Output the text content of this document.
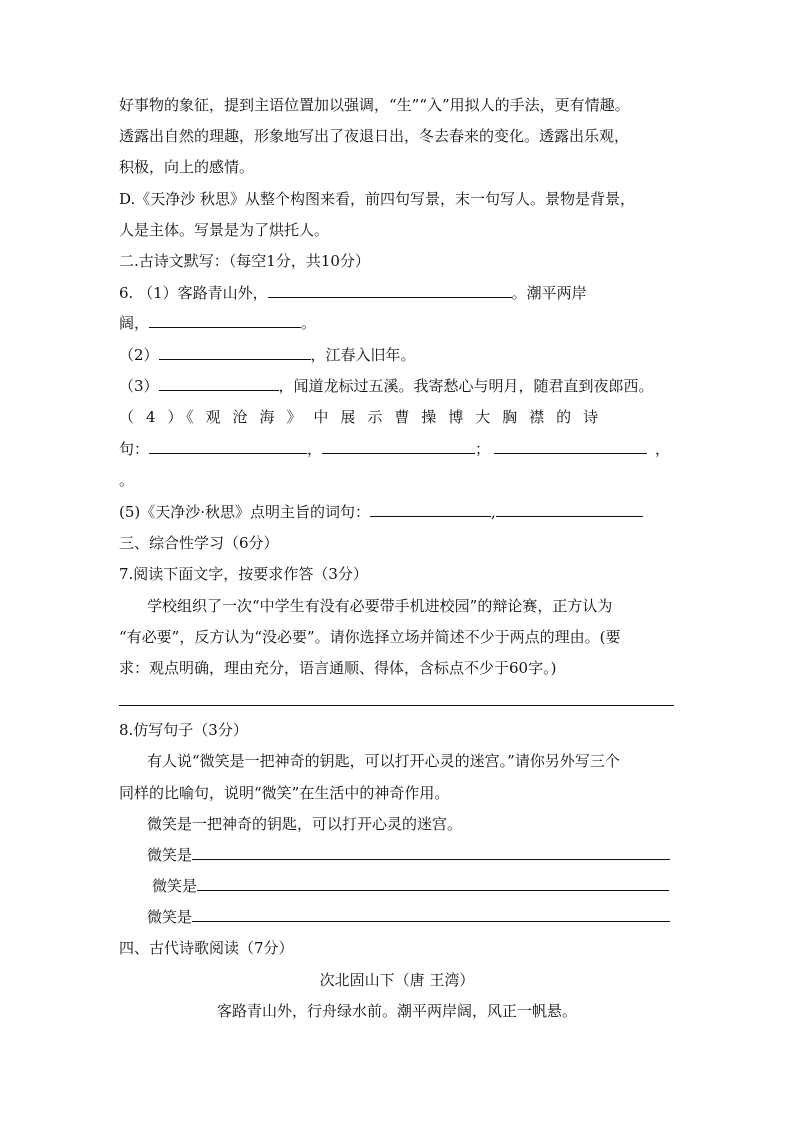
好事物的象征，提到主语位置加以强调，“生”“入”用拟人的手法，更有情趣。
透露出自然的理趣，形象地写出了夜退日出，冬去春来的变化。透露出乐观，
积极，向上的感情。
D.《天净沙 秋思》从整个构图来看，前四句写景，末一句写人。景物是背景，
人是主体。写景是为了烘托人。
二.古诗文默写：（每空1分，共10分）
6. （1）客路青山外，	。潮平两岸
阔，	。
（2）	，江春入旧年。
（3）	，闻道龙标过五溪。我寄愁心与明月，随君直到夜郎西。
（ 4 ）《 观 沧 海 》 中 展 示 曹 操 博 大 胸 襟 的 诗
句：	，	；	，
。
(5)《天净沙·秋思》点明主旨的词句：	,
三、综合性学习（6分）
7.阅读下面文字，按要求作答（3分）
学校组织了一次“中学生有没有必要带手机进校园”的辩论赛，正方认为
“有必要”，反方认为“没必要”。请你选择立场并简述不少于两点的理由。(要
求：观点明确，理由充分，语言通顺、得体，含标点不少于60字。)
8.仿写句子（3分）
有人说“微笑是一把神奇的钥匙，可以打开心灵的迷宫。”请你另外写三个
同样的比喻句，说明“微笑”在生活中的神奇作用。
微笑是一把神奇的钥匙，可以打开心灵的迷宫。
微笑是
微笑是
微笑是
四、古代诗歌阅读（7分）
次北固山下（唐 王湾）
客路青山外，行舟绿水前。潮平两岸阔，风正一帆悬。
